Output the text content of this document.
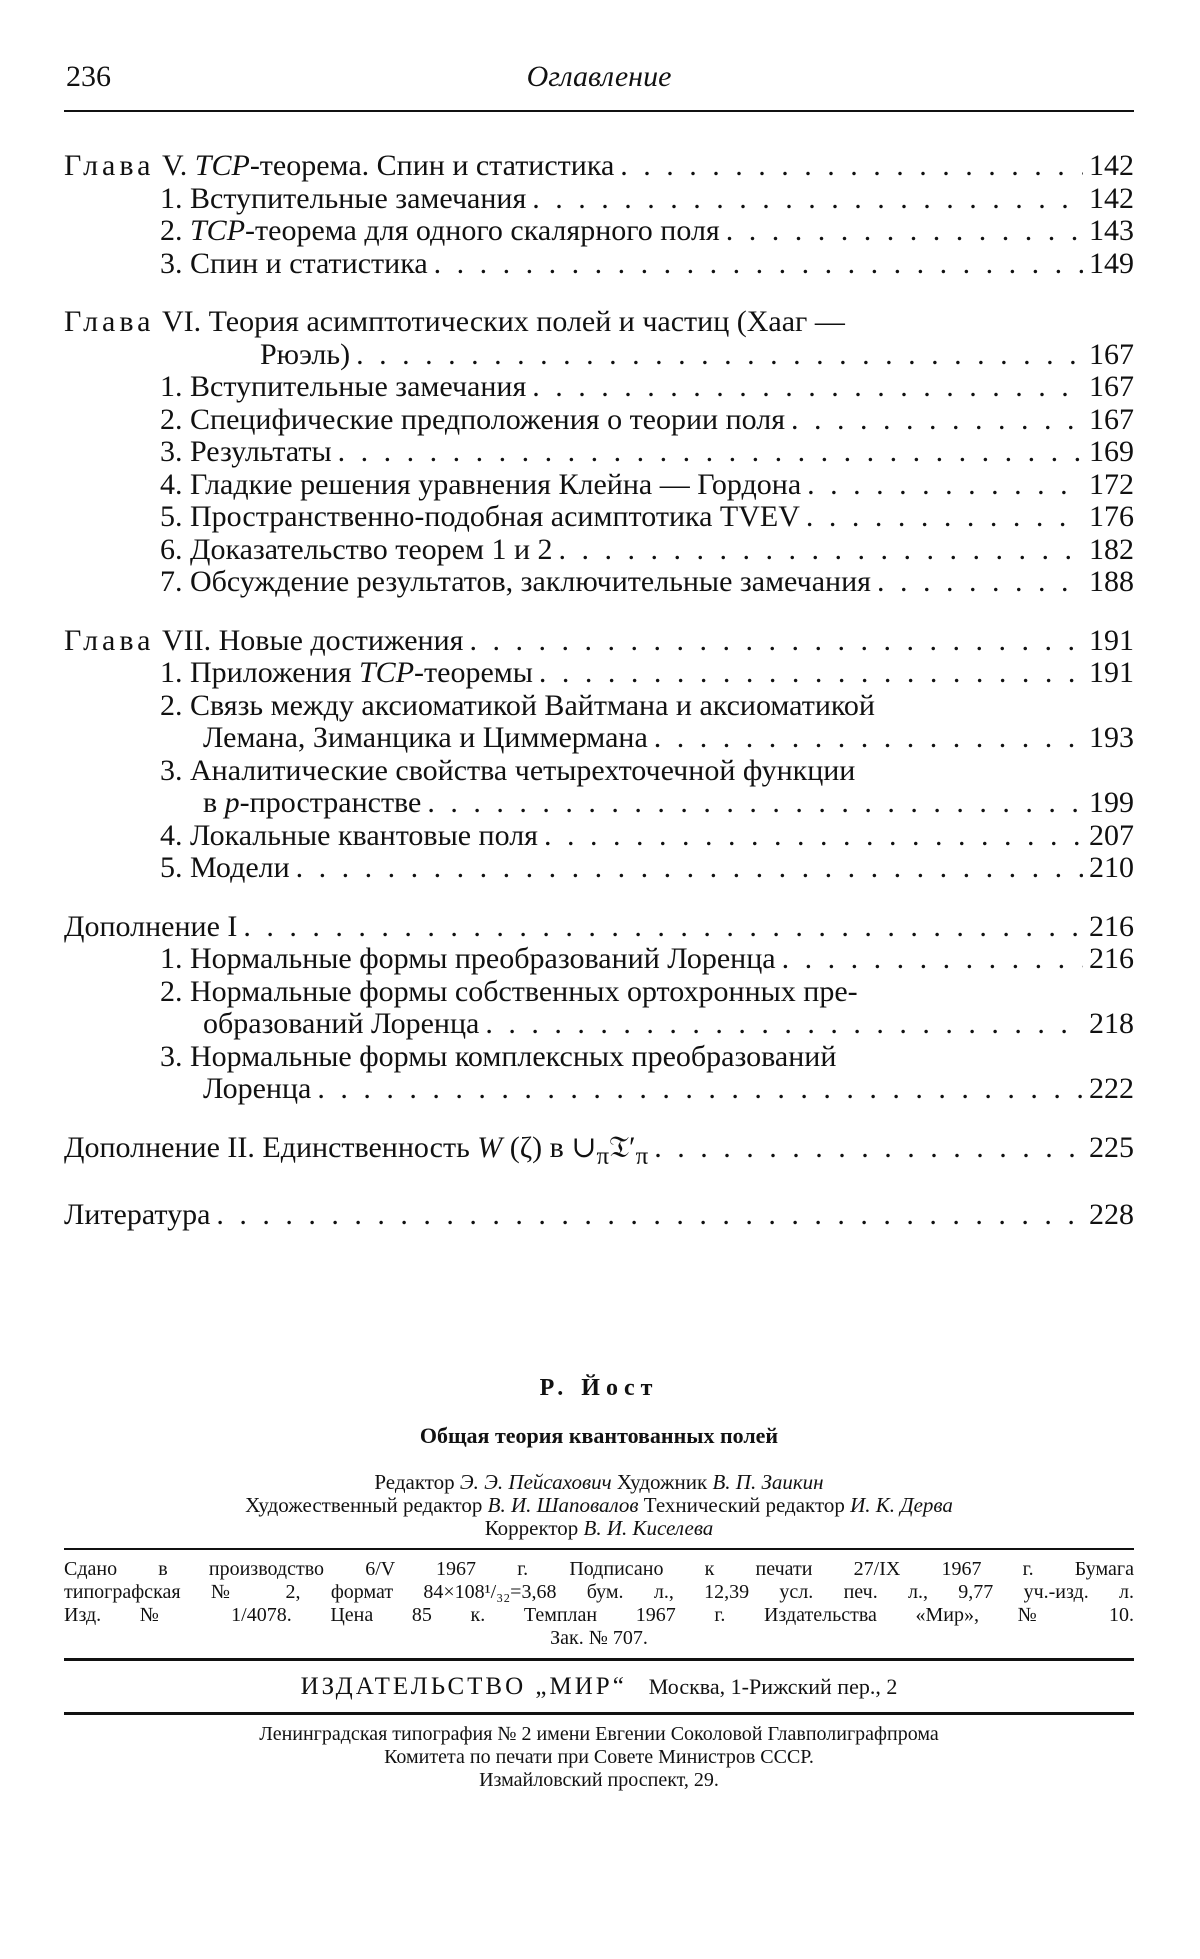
236	Оглавление
Глава V. TCP-теорема. Спин и статистика . . .	142
1. Вступительные замечания . . .	142
2. TCP-теорема для одного скалярного поля . . .	143
3. Спин и статистика . . .	149
Глава VI. Теория асимптотических полей и частиц (Хааг —
Рюэль) . . .	167
1. Вступительные замечания . . .	167
2. Специфические предположения о теории поля . . .	167
3. Результаты . . .	169
4. Гладкие решения уравнения Клейна — Гордона . . .	172
5. Пространственно-подобная асимптотика TVEV . . .	176
6. Доказательство теорем 1 и 2 . . .	182
7. Обсуждение результатов, заключительные замечания . . .	188
Глава VII. Новые достижения . . .	191
1. Приложения TCP-теоремы . . .	191
2. Связь между аксиоматикой Вайтмана и аксиоматикой
Лемана, Зиманцика и Циммермана . . .	193
3. Аналитические свойства четырехточечной функции
в p-пространстве . . .	199
4. Локальные квантовые поля . . .	207
5. Модели . . .	210
Дополнение I . . .	216
1. Нормальные формы преобразований Лоренца . . .	216
2. Нормальные формы собственных ортохронных пре-
образований Лоренца . . .	218
3. Нормальные формы комплексных преобразований
Лоренца . . .	222
Дополнение II. Единственность W (ζ) в $\cup_\pi 𝔗'_\pi$ . . .	225
Литература . . .	228
Р. Йост
Общая теория квантованных полей
Редактор Э. Э. Пейсахович Художник В. П. Заикин
Художественный редактор В. И. Шаповалов Технический редактор И. К. Дерва
Корректор В. И. Киселева
Сдано в производство 6/V 1967 г. Подписано к печати 27/IX 1967 г. Бумага
типографская № 2, формат 84×108¹/₃₂=3,68 бум. л., 12,39 усл. печ. л., 9,77 уч.-изд. л.
Изд. № 1/4078. Цена 85 к. Темплан 1967 г. Издательства «Мир», № 10.
Зак. № 707.
ИЗДАТЕЛЬСТВО „МИР“ Москва, 1-Рижский пер., 2
Ленинградская типография № 2 имени Евгении Соколовой Главполиграфпрома
Комитета по печати при Совете Министров СССР.
Измайловский проспект, 29.
